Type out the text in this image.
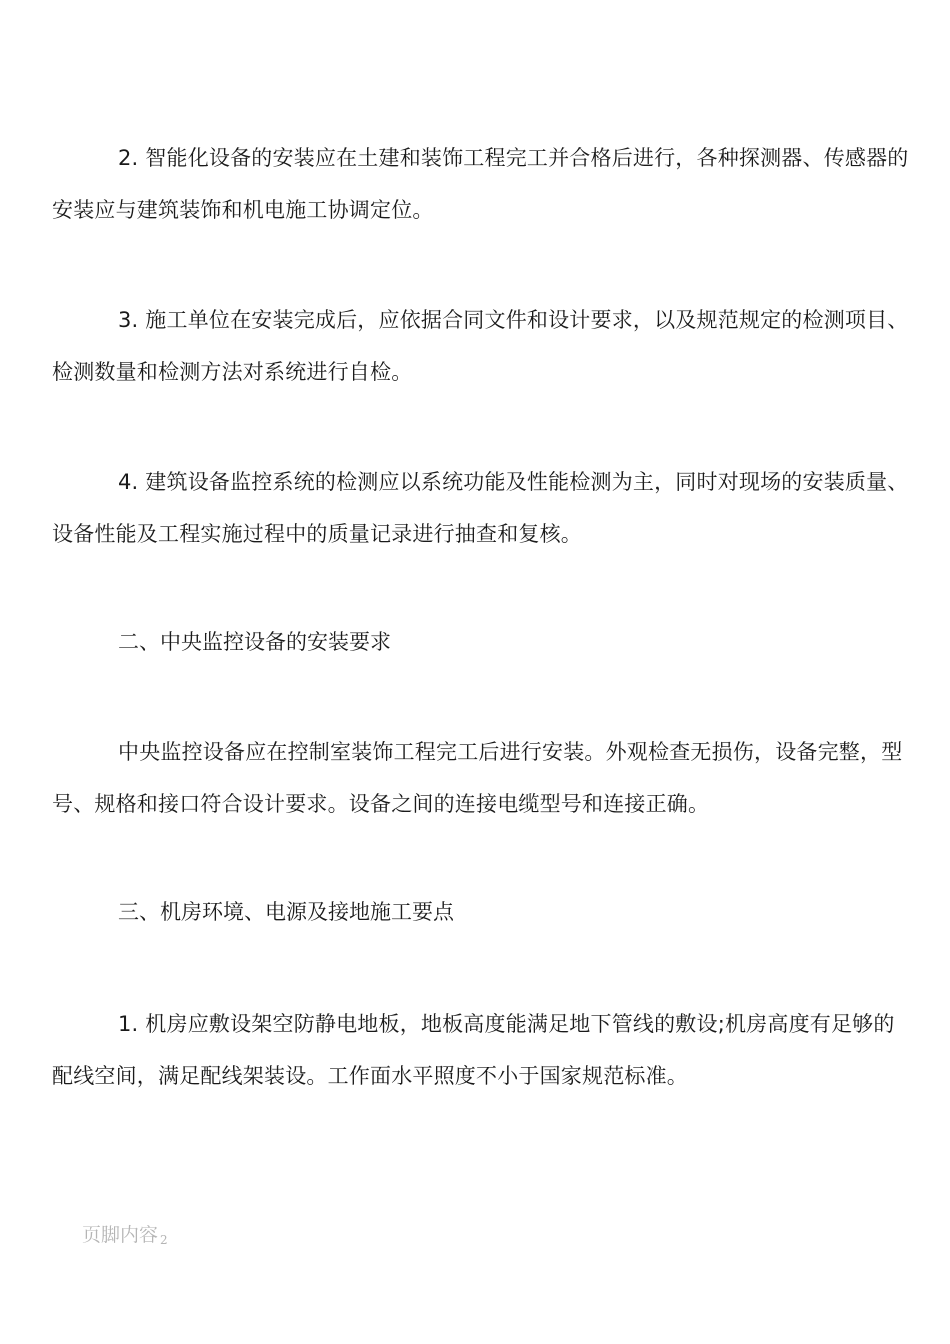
2. 智能化设备的安装应在土建和装饰工程完工并合格后进行，各种探测器、传感器的安装应与建筑装饰和机电施工协调定位。

3. 施工单位在安装完成后，应依据合同文件和设计要求，以及规范规定的检测项目、检测数量和检测方法对系统进行自检。

4. 建筑设备监控系统的检测应以系统功能及性能检测为主，同时对现场的安装质量、设备性能及工程实施过程中的质量记录进行抽查和复核。

二、中央监控设备的安装要求

中央监控设备应在控制室装饰工程完工后进行安装。外观检查无损伤，设备完整，型号、规格和接口符合设计要求。设备之间的连接电缆型号和连接正确。

三、机房环境、电源及接地施工要点

1. 机房应敷设架空防静电地板，地板高度能满足地下管线的敷设;机房高度有足够的配线空间，满足配线架装设。工作面水平照度不小于国家规范标准。

页脚内容 2
